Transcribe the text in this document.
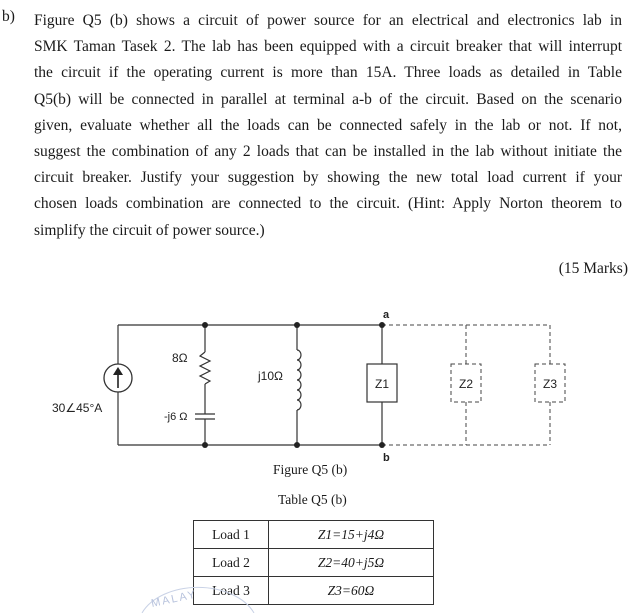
b) Figure Q5 (b) shows a circuit of power source for an electrical and electronics lab in
SMK Taman Tasek 2. The lab has been equipped with a circuit breaker that will interrupt
the circuit if the operating current is more than 15A. Three loads as detailed in Table
Q5(b) will be connected in parallel at terminal a-b of the circuit. Based on the scenario
given, evaluate whether all the loads can be connected safely in the lab or not. If not,
suggest the combination of any 2 loads that can be installed in the lab without initiate the
circuit breaker. Justify your suggestion by showing the new total load current if your
chosen loads combination are connected to the circuit. (Hint: Apply Norton theorem to
simplify the circuit of power source.)
(15 Marks)
30∠45°A
8Ω
-j6 Ω
j10Ω
a
b
Z1	Z2	Z3
Figure Q5 (b)
Table Q5 (b)
Load 1	Z1=15+j4Ω
Load 2	Z2=40+j5Ω
Load 3	Z3=60Ω
MALAY
